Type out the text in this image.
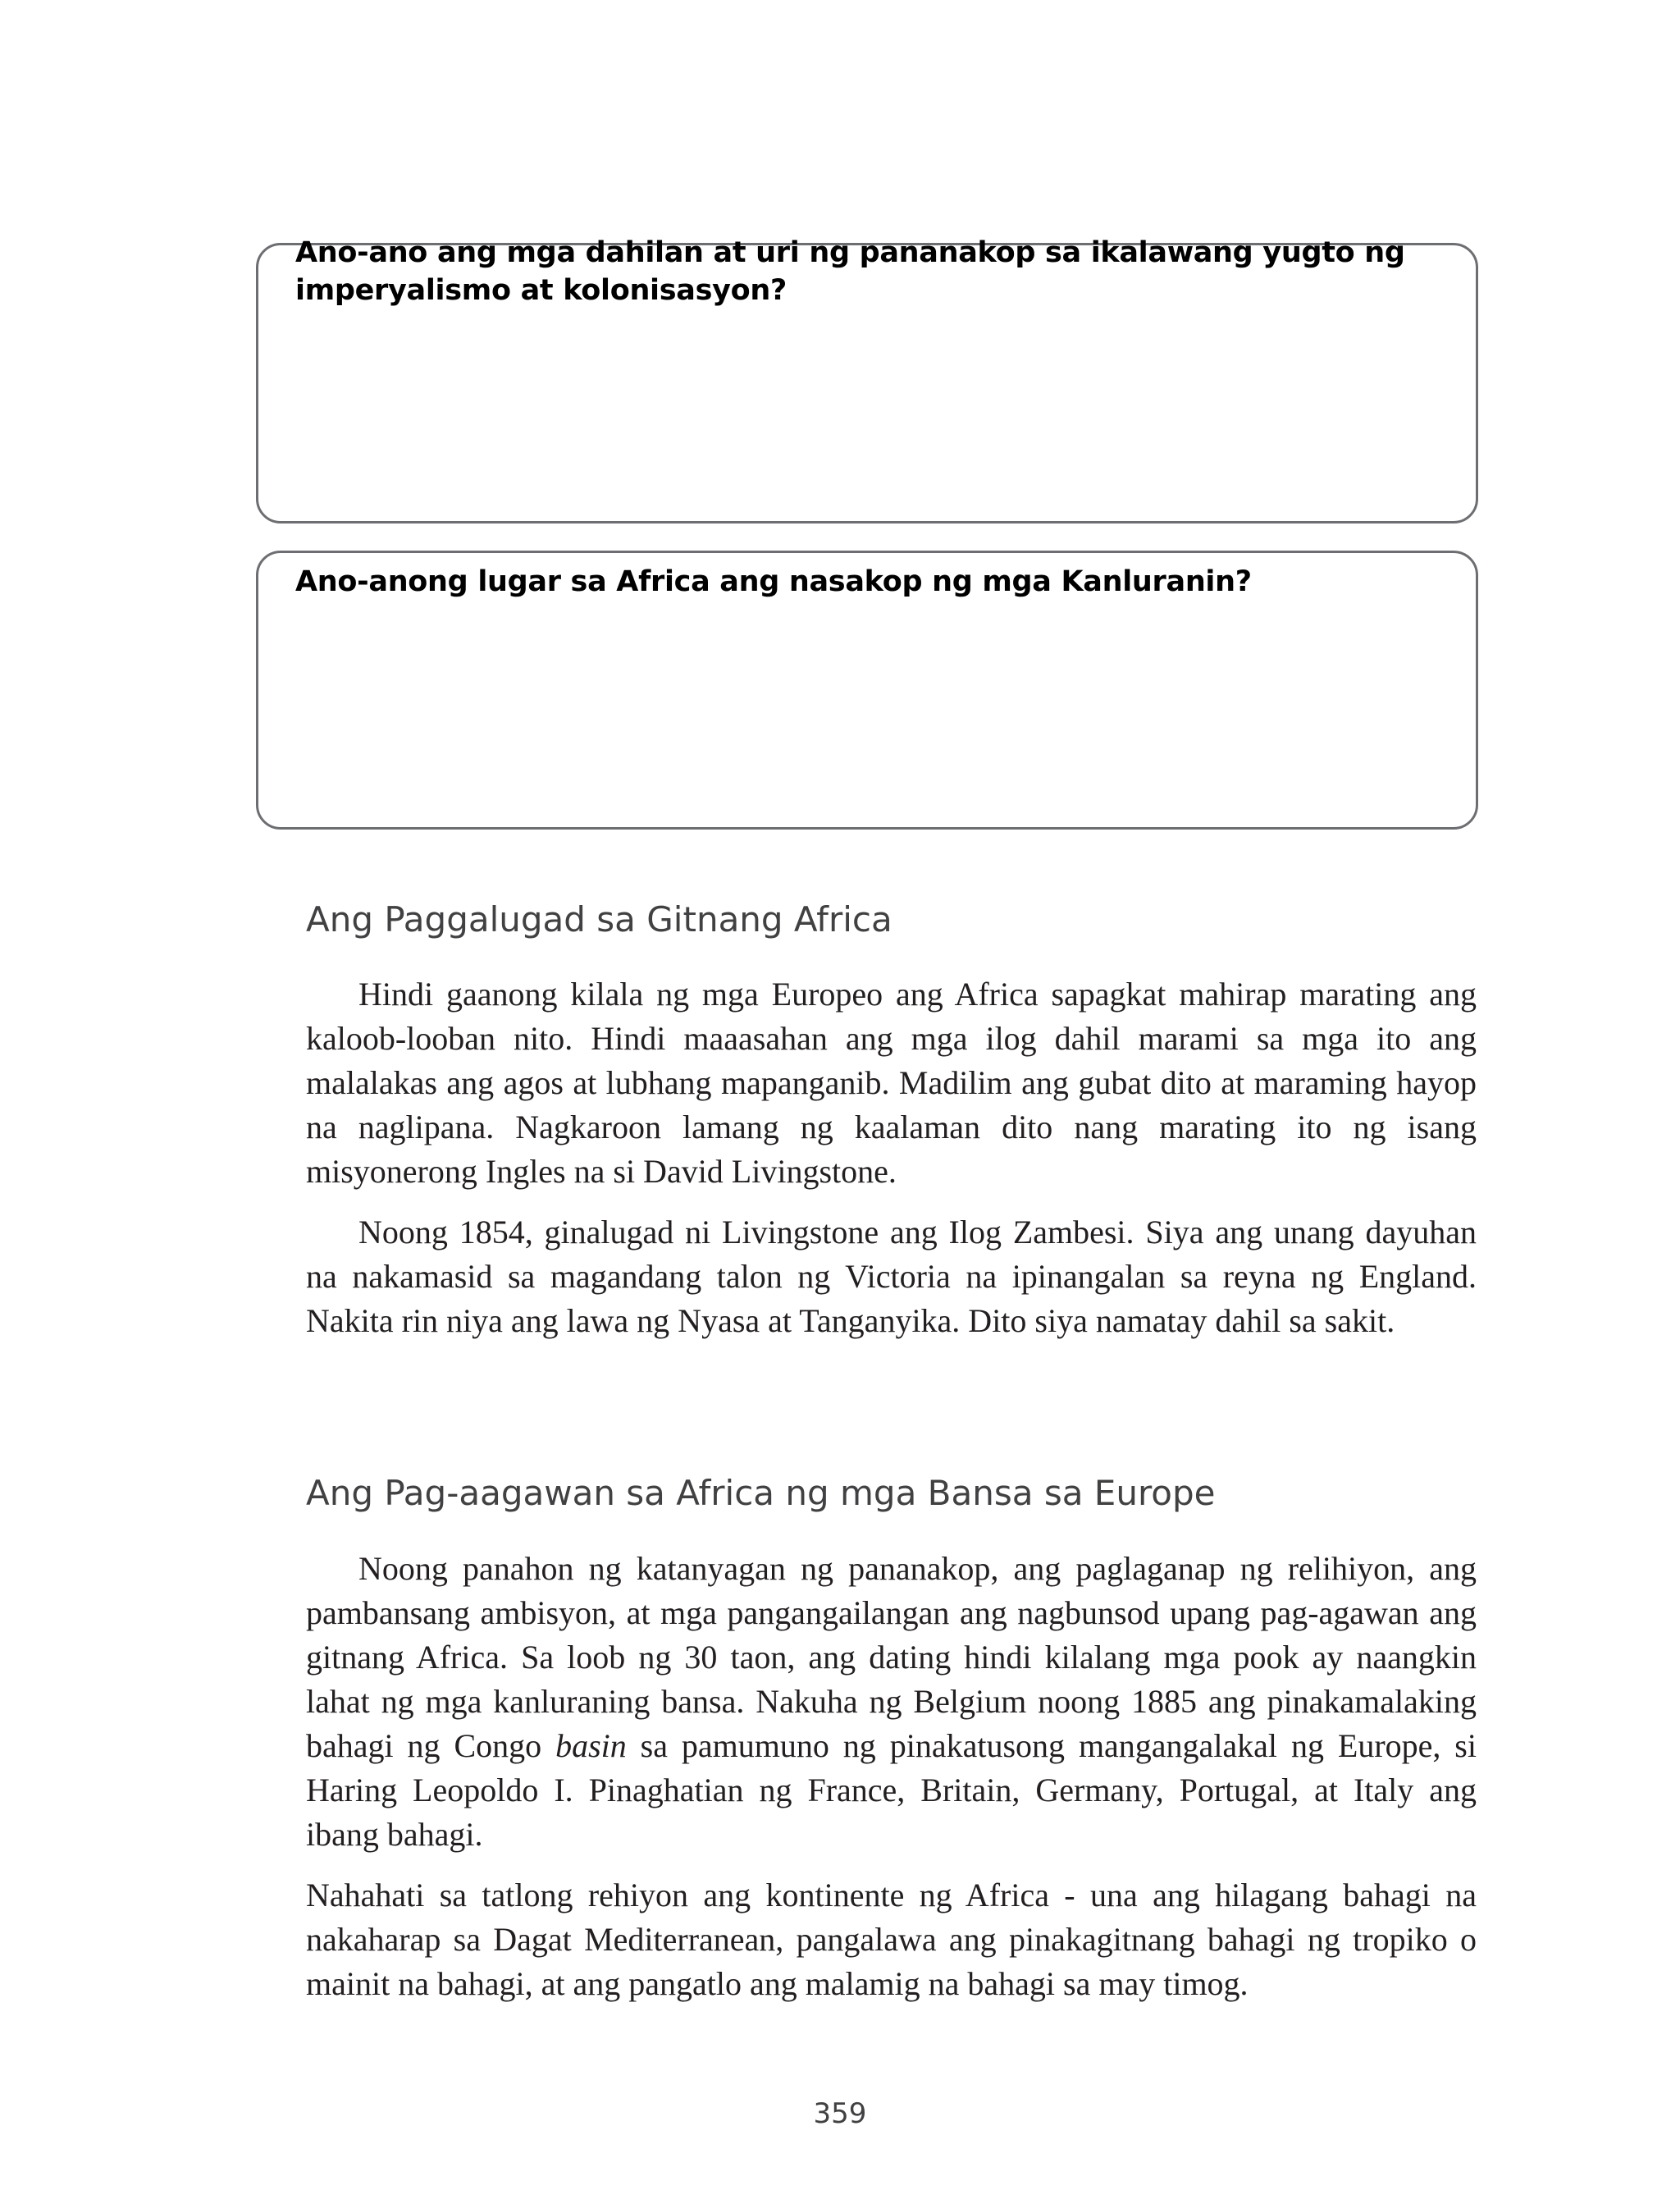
Ano-ano ang mga dahilan at uri ng pananakop sa ikalawang yugto ng imperyalismo at kolonisasyon?
Ano-anong lugar sa Africa ang nasakop ng mga Kanluranin?
Ang Paggalugad sa Gitnang Africa

Hindi gaanong kilala ng mga Europeo ang Africa sapagkat mahirap marating ang kaloob-looban nito. Hindi maaasahan ang mga ilog dahil marami sa mga ito ang malalakas ang agos at lubhang mapanganib. Madilim ang gubat dito at maraming hayop na naglipana. Nagkaroon lamang ng kaalaman dito nang marating ito ng isang misyonerong Ingles na si David Livingstone.

Noong 1854, ginalugad ni Livingstone ang Ilog Zambesi. Siya ang unang dayuhan na nakamasid sa magandang talon ng Victoria na ipinangalan sa reyna ng England. Nakita rin niya ang lawa ng Nyasa at Tanganyika. Dito siya namatay dahil sa sakit.

Ang Pag-aagawan sa Africa ng mga Bansa sa Europe

Noong panahon ng katanyagan ng pananakop, ang paglaganap ng relihiyon, ang pambansang ambisyon, at mga pangangailangan ang nagbunsod upang pag-agawan ang gitnang Africa. Sa loob ng 30 taon, ang dating hindi kilalang mga pook ay naangkin lahat ng mga kanluraning bansa. Nakuha ng Belgium noong 1885 ang pinakamalaking bahagi ng Congo basin sa pamumuno ng pinakatusong mangangalakal ng Europe, si Haring Leopoldo I. Pinaghatian ng France, Britain, Germany, Portugal, at Italy ang ibang bahagi.

Nahahati sa tatlong rehiyon ang kontinente ng Africa - una ang hilagang bahagi na nakaharap sa Dagat Mediterranean, pangalawa ang pinakagitnang bahagi ng tropiko o mainit na bahagi, at ang pangatlo ang malamig na bahagi sa may timog.

359
